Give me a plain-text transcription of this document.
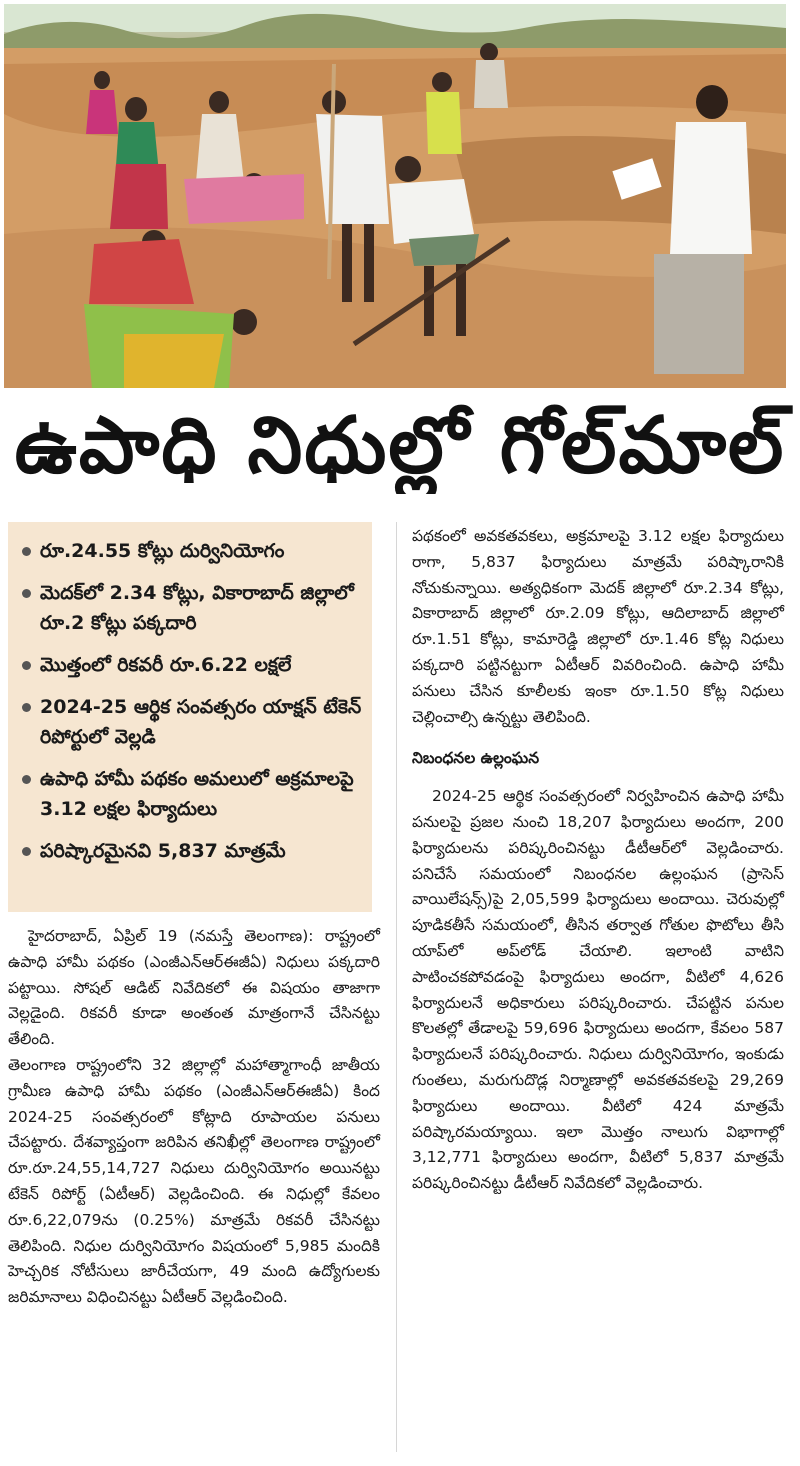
ఉపాధి నిధుల్లో గోల్‌మాల్
రూ.24.55 కోట్లు దుర్వినియోగం
మెదక్‌లో 2.34 కోట్లు, వికారాబాద్ జిల్లాలో రూ.2 కోట్లు పక్కదారి
మొత్తంలో రికవరీ రూ.6.22 లక్షలే
2024-25 ఆర్థిక సంవత్సరం యాక్షన్ టేకెన్ రిపోర్టులో వెల్లడి
ఉపాధి హామీ పథకం అమలులో అక్రమాలపై 3.12 లక్షల ఫిర్యాదులు
పరిష్కారమైనవి 5,837 మాత్రమే

హైదరాబాద్, ఏప్రిల్ 19 (నమస్తే తెలంగాణ): రాష్ట్రంలో ఉపాధి హామీ పథకం (ఎంజీఎన్ఆర్ఈజీఏ) నిధులు పక్కదారి పట్టాయి. సోషల్ ఆడిట్ నివేదికలో ఈ విషయం తాజాగా వెల్లడైంది. రికవరీ కూడా అంతంత మాత్రంగానే చేసినట్టు తేలింది.

తెలంగాణ రాష్ట్రంలోని 32 జిల్లాల్లో మహాత్మాగాంధీ జాతీయ గ్రామీణ ఉపాధి హామీ పథకం (ఎంజీఎన్ఆర్ఈజీఏ) కింద 2024-25 సంవత్సరంలో కోట్లాది రూపాయల పనులు చేపట్టారు. దేశవ్యాప్తంగా జరిపిన తనిఖీల్లో తెలంగాణ రాష్ట్రంలో రూ.రూ.24,55,14,727 నిధులు దుర్వినియోగం అయినట్టు టేకెన్ రిపోర్ట్ (ఏటీఆర్) వెల్లడించింది. ఈ నిధుల్లో కేవలం రూ.6,22,079ను (0.25%) మాత్రమే రికవరీ చేసినట్టు తెలిపింది. నిధుల దుర్వినియోగం విషయంలో 5,985 మందికి హెచ్చరిక నోటీసులు జారీచేయగా, 49 మంది ఉద్యోగులకు జరిమానాలు విధించినట్టు ఏటీఆర్ వెల్లడించింది.

పథకంలో అవకతవకలు, అక్రమాలపై 3.12 లక్షల ఫిర్యాదులు రాగా, 5,837 ఫిర్యాదులు మాత్రమే పరిష్కారానికి నోచుకున్నాయి. అత్యధికంగా మెదక్ జిల్లాలో రూ.2.34 కోట్లు, వికారాబాద్ జిల్లాలో రూ.2.09 కోట్లు, ఆదిలాబాద్ జిల్లాలో రూ.1.51 కోట్లు, కామారెడ్డి జిల్లాలో రూ.1.46 కోట్ల నిధులు పక్కదారి పట్టినట్టుగా ఏటీఆర్ వివరించింది. ఉపాధి హామీ పనులు చేసిన కూలీలకు ఇంకా రూ.1.50 కోట్ల నిధులు చెల్లించాల్సి ఉన్నట్టు తెలిపింది.

నిబంధనల ఉల్లంఘన

2024-25 ఆర్థిక సంవత్సరంలో నిర్వహించిన ఉపాధి హామీ పనులపై ప్రజల నుంచి 18,207 ఫిర్యాదులు అందగా, 200 ఫిర్యాదులను పరిష్కరించినట్టు డీటీఆర్‌లో వెల్లడించారు. పనిచేసే సమయంలో నిబంధనల ఉల్లంఘన (ప్రాసెస్ వాయిలేషన్స్)పై 2,05,599 ఫిర్యాదులు అందాయి. చెరువుల్లో పూడికతీసే సమయంలో, తీసిన తర్వాత గోతుల ఫొటోలు తీసి యాప్‌లో అప్‌లోడ్ చేయాలి. ఇలాంటి వాటిని పాటించకపోవడంపై ఫిర్యాదులు అందగా, వీటిలో 4,626 ఫిర్యాదులనే అధికారులు పరిష్కరించారు. చేపట్టిన పనుల కొలతల్లో తేడాలపై 59,696 ఫిర్యాదులు అందగా, కేవలం 587 ఫిర్యాదులనే పరిష్కరించారు. నిధులు దుర్వినియోగం, ఇంకుడు గుంతలు, మరుగుదొడ్ల నిర్మాణాల్లో అవకతవకలపై 29,269 ఫిర్యాదులు అందాయి. వీటిలో 424 మాత్రమే పరిష్కారమయ్యాయి. ఇలా మొత్తం నాలుగు విభాగాల్లో 3,12,771 ఫిర్యాదులు అందగా, వీటిలో 5,837 మాత్రమే పరిష్కరించినట్టు డీటీఆర్ నివేదికలో వెల్లడించారు.
